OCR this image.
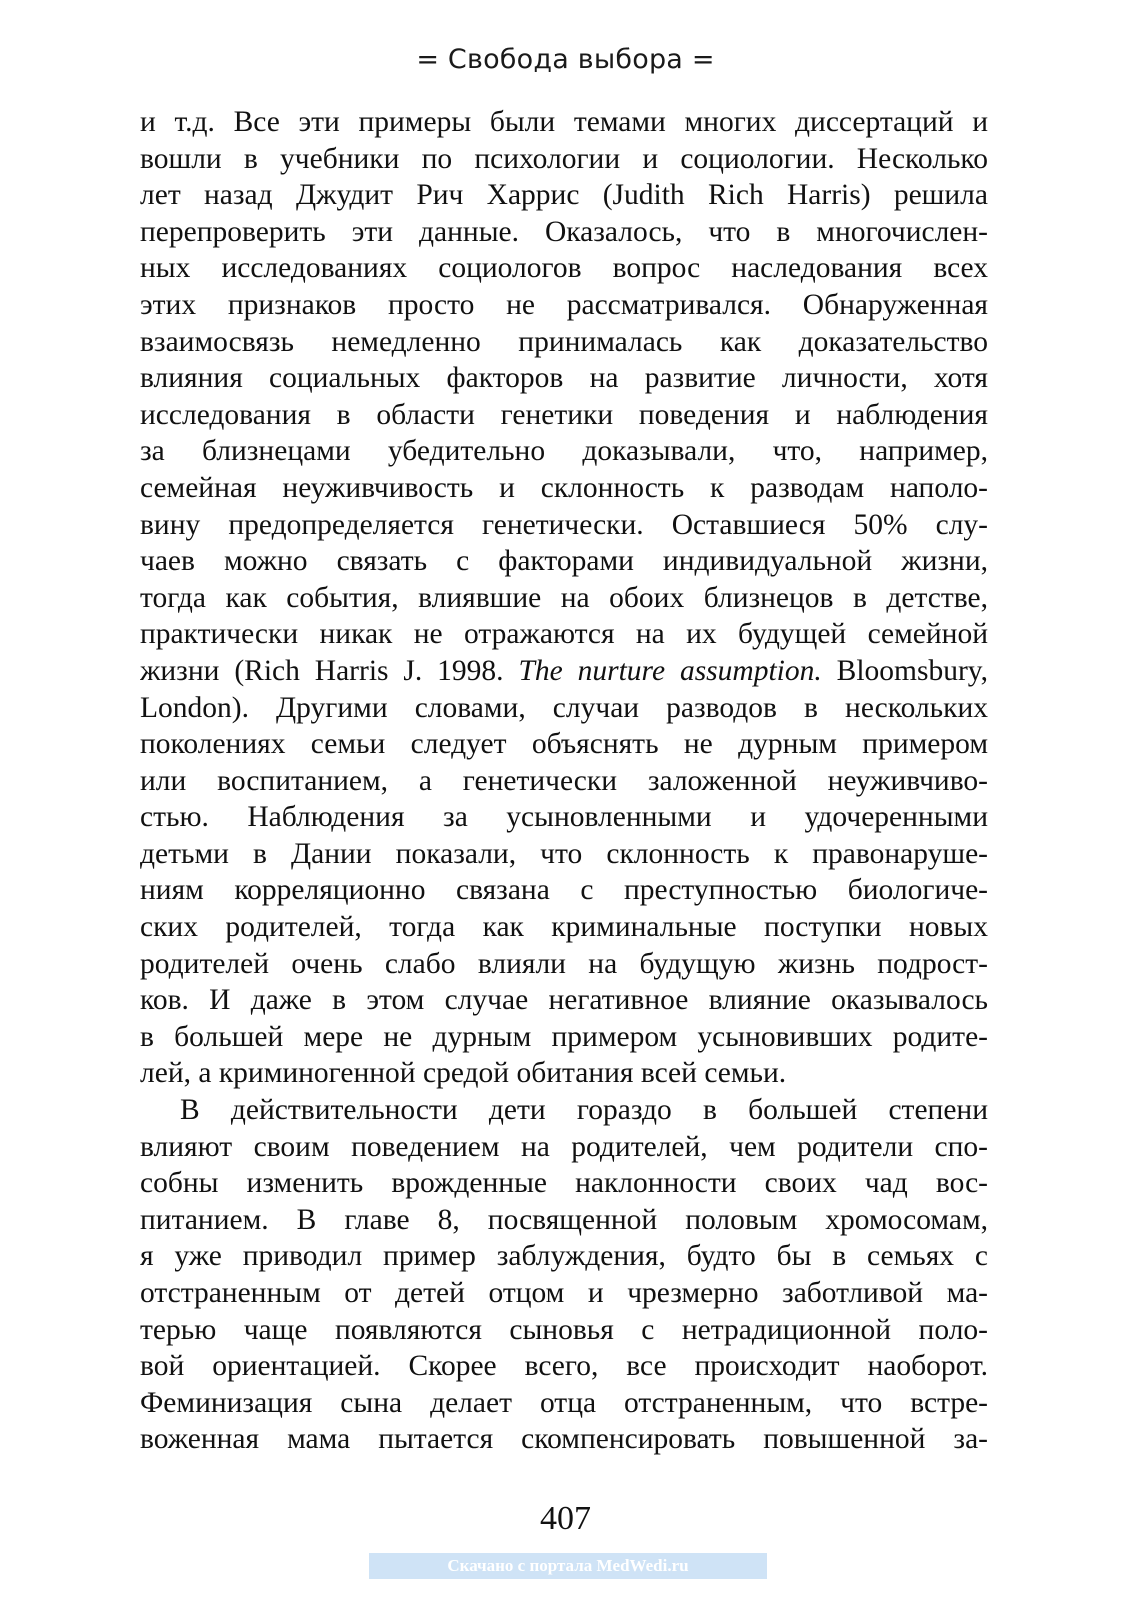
= Свобода выбора =
и т.д. Все эти примеры были темами многих диссертаций и
вошли в учебники по психологии и социологии. Несколько
лет назад Джудит Рич Харрис (Judith Rich Harris) решила
перепроверить эти данные. Оказалось, что в многочислен-
ных исследованиях социологов вопрос наследования всех
этих признаков просто не рассматривался. Обнаруженная
взаимосвязь немедленно принималась как доказательство
влияния социальных факторов на развитие личности, хотя
исследования в области генетики поведения и наблюдения
за близнецами убедительно доказывали, что, например,
семейная неуживчивость и склонность к разводам наполо-
вину предопределяется генетически. Оставшиеся 50% слу-
чаев можно связать с факторами индивидуальной жизни,
тогда как события, влиявшие на обоих близнецов в детстве,
практически никак не отражаются на их будущей семейной
жизни (Rich Harris J. 1998. The nurture assumption. Bloomsbury,
London). Другими словами, случаи разводов в нескольких
поколениях семьи следует объяснять не дурным примером
или воспитанием, а генетически заложенной неуживчиво-
стью. Наблюдения за усыновленными и удочеренными
детьми в Дании показали, что склонность к правонаруше-
ниям корреляционно связана с преступностью биологиче-
ских родителей, тогда как криминальные поступки новых
родителей очень слабо влияли на будущую жизнь подрост-
ков. И даже в этом случае негативное влияние оказывалось
в большей мере не дурным примером усыновивших родите-
лей, а криминогенной средой обитания всей семьи.
В действительности дети гораздо в большей степени
влияют своим поведением на родителей, чем родители спо-
собны изменить врожденные наклонности своих чад вос-
питанием. В главе 8, посвященной половым хромосомам,
я уже приводил пример заблуждения, будто бы в семьях с
отстраненным от детей отцом и чрезмерно заботливой ма-
терью чаще появляются сыновья с нетрадиционной поло-
вой ориентацией. Скорее всего, все происходит наоборот.
Феминизация сына делает отца отстраненным, что встре-
воженная мама пытается скомпенсировать повышенной за-
407
Скачано с портала MedWedi.ru
